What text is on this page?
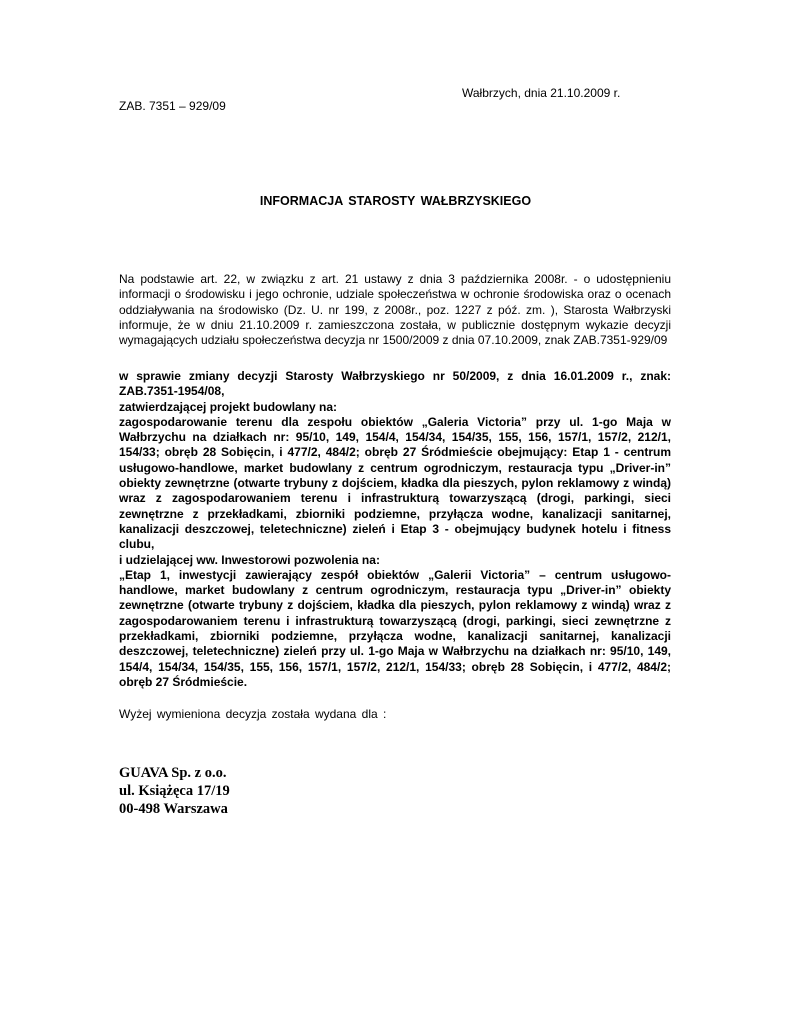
Wałbrzych, dnia 21.10.2009 r.
ZAB. 7351 – 929/09
INFORMACJA STAROSTY WAŁBRZYSKIEGO

Na podstawie art. 22, w związku z art. 21 ustawy z dnia 3 października 2008r. - o udostępnieniu informacji o środowisku i jego ochronie, udziale społeczeństwa w ochronie środowiska oraz o ocenach oddziaływania na środowisko (Dz. U. nr 199, z 2008r., poz. 1227 z póź. zm. ), Starosta Wałbrzyski informuje, że w dniu 21.10.2009 r. zamieszczona została, w publicznie dostępnym wykazie decyzji wymagających udziału społeczeństwa decyzja nr 1500/2009 z dnia 07.10.2009, znak ZAB.7351-929/09

w sprawie zmiany decyzji Starosty Wałbrzyskiego nr 50/2009, z dnia 16.01.2009 r., znak: ZAB.7351-1954/08,

zatwierdzającej projekt budowlany na:

zagospodarowanie terenu dla zespołu obiektów „Galeria Victoria” przy ul. 1-go Maja w Wałbrzychu na działkach nr: 95/10, 149, 154/4, 154/34, 154/35, 155, 156, 157/1, 157/2, 212/1, 154/33; obręb 28 Sobięcin, i 477/2, 484/2; obręb 27 Śródmieście obejmujący: Etap 1 - centrum usługowo-handlowe, market budowlany z centrum ogrodniczym, restauracja typu „Driver-in” obiekty zewnętrzne (otwarte trybuny z dojściem, kładka dla pieszych, pylon reklamowy z windą) wraz z zagospodarowaniem terenu i infrastrukturą towarzyszącą (drogi, parkingi, sieci zewnętrzne z przekładkami, zbiorniki podziemne, przyłącza wodne, kanalizacji sanitarnej, kanalizacji deszczowej, teletechniczne) zieleń i Etap 3 - obejmujący budynek hotelu i fitness clubu,

i udzielającej ww. Inwestorowi pozwolenia na:

„Etap 1, inwestycji zawierający zespół obiektów „Galerii Victoria” – centrum usługowo-handlowe, market budowlany z centrum ogrodniczym, restauracja typu „Driver-in” obiekty zewnętrzne (otwarte trybuny z dojściem, kładka dla pieszych, pylon reklamowy z windą) wraz z zagospodarowaniem terenu i infrastrukturą towarzyszącą (drogi, parkingi, sieci zewnętrzne z przekładkami, zbiorniki podziemne, przyłącza wodne, kanalizacji sanitarnej, kanalizacji deszczowej, teletechniczne) zieleń przy ul. 1-go Maja w Wałbrzychu na działkach nr: 95/10, 149, 154/4, 154/34, 154/35, 155, 156, 157/1, 157/2, 212/1, 154/33; obręb 28 Sobięcin, i 477/2, 484/2; obręb 27 Śródmieście.

Wyżej wymieniona decyzja została wydana dla :

GUAVA Sp. z o.o.
ul. Książęca 17/19
00-498 Warszawa
